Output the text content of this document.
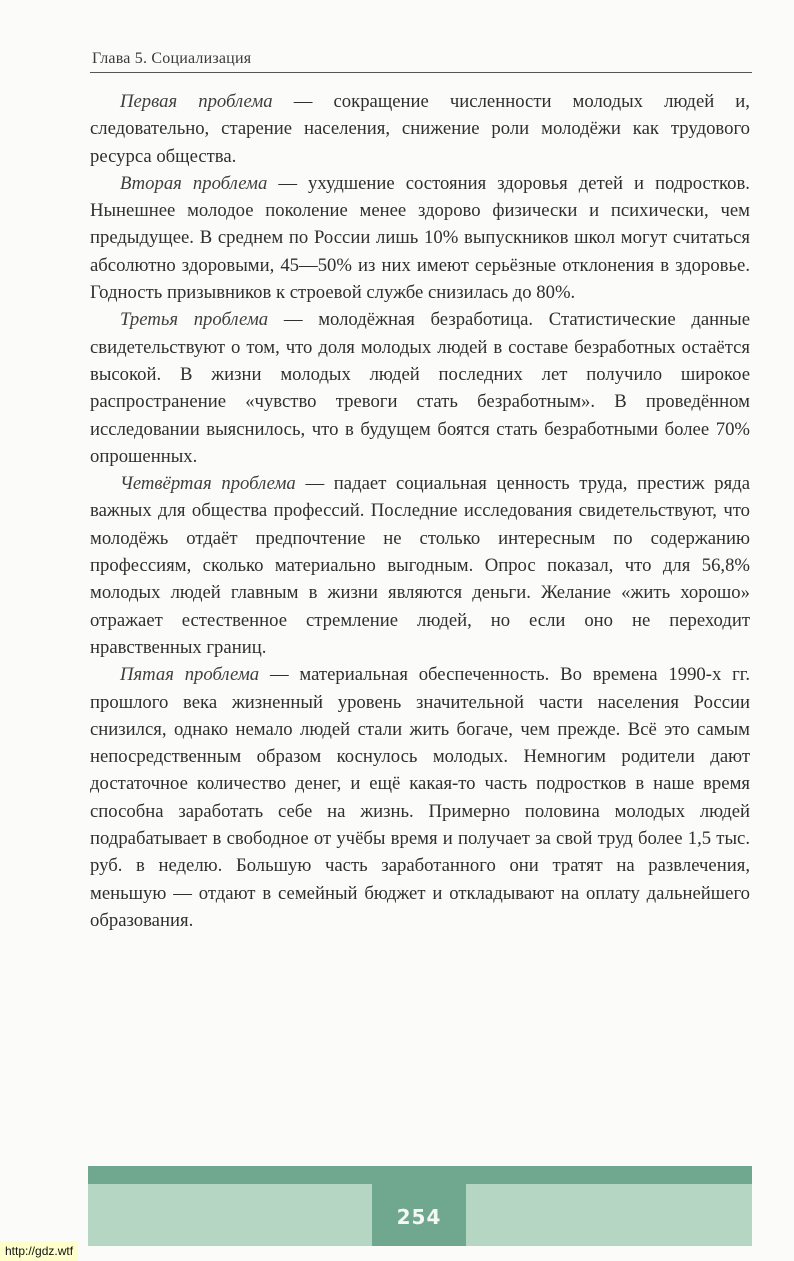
Глава 5. Социализация

Первая проблема — сокращение численности молодых людей и, следовательно, старение населения, снижение роли молодёжи как трудового ресурса общества.

Вторая проблема — ухудшение состояния здоровья детей и подростков. Нынешнее молодое поколение менее здорово физически и психически, чем предыдущее. В среднем по России лишь 10% выпускников школ могут считаться абсолютно здоровыми, 45—50% из них имеют серьёзные отклонения в здоровье. Годность призывников к строевой службе снизилась до 80%.

Третья проблема — молодёжная безработица. Статистические данные свидетельствуют о том, что доля молодых людей в составе безработных остаётся высокой. В жизни молодых людей последних лет получило широкое распространение «чувство тревоги стать безработным». В проведённом исследовании выяснилось, что в будущем боятся стать безработными более 70% опрошенных.

Четвёртая проблема — падает социальная ценность труда, престиж ряда важных для общества профессий. Последние исследования свидетельствуют, что молодёжь отдаёт предпочтение не столько интересным по содержанию профессиям, сколько материально выгодным. Опрос показал, что для 56,8% молодых людей главным в жизни являются деньги. Желание «жить хорошо» отражает естественное стремление людей, но если оно не переходит нравственных границ.

Пятая проблема — материальная обеспеченность. Во времена 1990-х гг. прошлого века жизненный уровень значительной части населения России снизился, однако немало людей стали жить богаче, чем прежде. Всё это самым непосредственным образом коснулось молодых. Немногим родители дают достаточное количество денег, и ещё какая-то часть подростков в наше время способна заработать себе на жизнь. Примерно половина молодых людей подрабатывает в свободное от учёбы время и получает за свой труд более 1,5 тыс. руб. в неделю. Большую часть заработанного они тратят на развлечения, меньшую — отдают в семейный бюджет и откладывают на оплату дальнейшего образования.

254
http://gdz.wtf
